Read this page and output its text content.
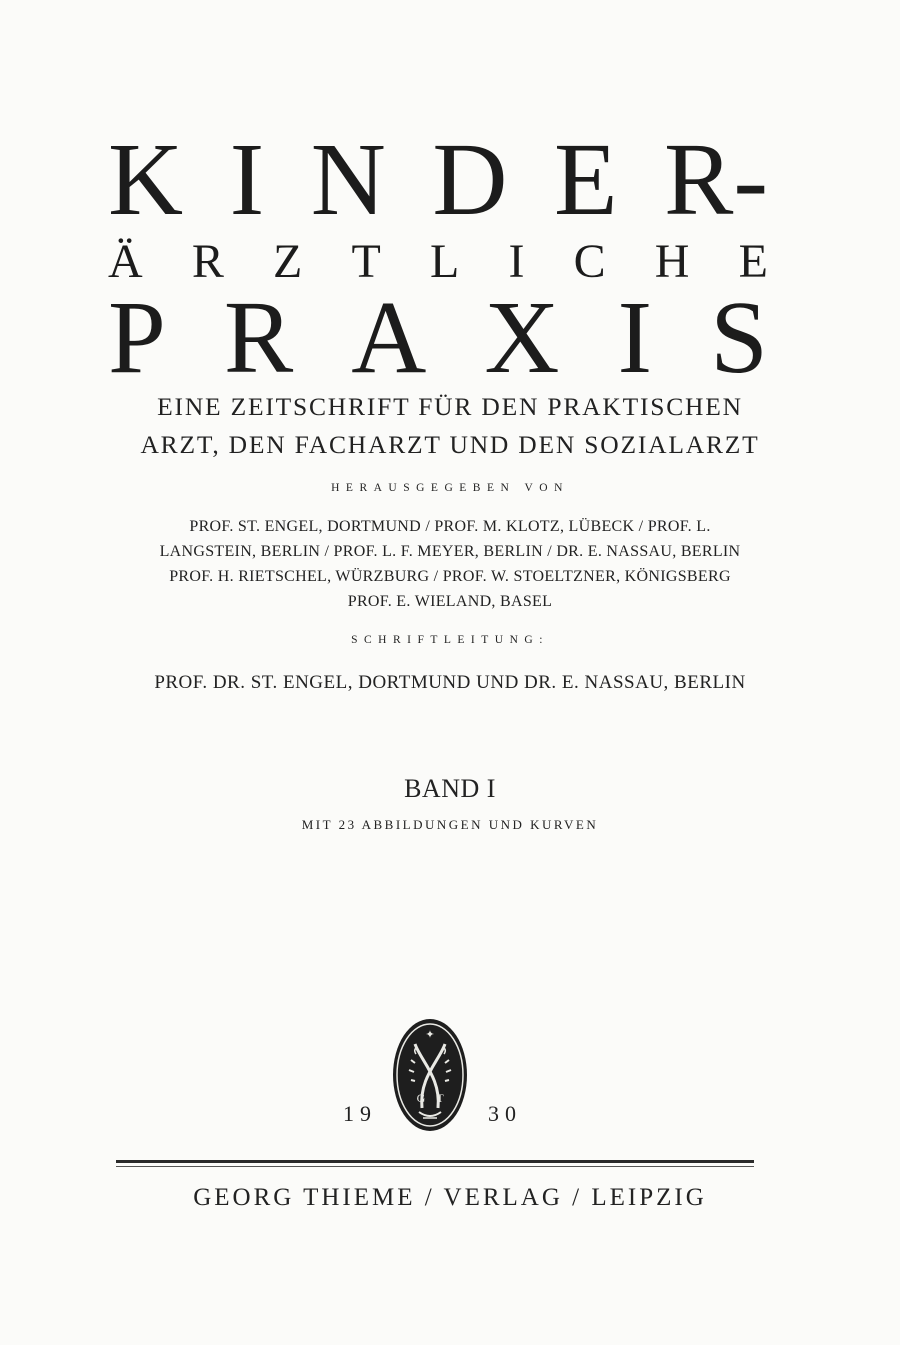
K I N D E R-
Ä R Z T L I C H E
P R A X I S
EINE ZEITSCHRIFT FÜR DEN PRAKTISCHEN
ARZT, DEN FACHARZT UND DEN SOZIALARZT
HERAUSGEGEBEN VON
PROF. ST. ENGEL, DORTMUND / PROF. M. KLOTZ, LÜBECK / PROF. L.
LANGSTEIN, BERLIN / PROF. L. F. MEYER, BERLIN / DR. E. NASSAU, BERLIN
PROF. H. RIETSCHEL, WÜRZBURG / PROF. W. STOELTZNER, KÖNIGSBERG
PROF. E. WIELAND, BASEL
SCHRIFTLEITUNG:
PROF. DR. ST. ENGEL, DORTMUND UND DR. E. NASSAU, BERLIN
BAND I
MIT 23 ABBILDUNGEN UND KURVEN
✦
G T
19	30
GEORG THIEME / VERLAG / LEIPZIG
